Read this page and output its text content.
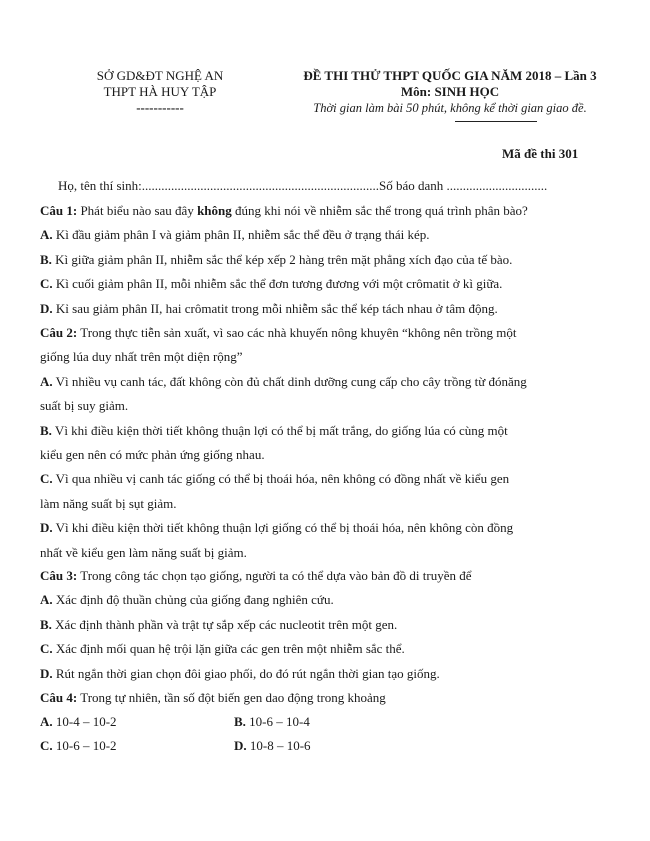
SỞ GD&ĐT NGHỆ AN
THPT HÀ HUY TẬP
-----------
ĐỀ THI THỬ THPT QUỐC GIA NĂM 2018 – Lần 3
Môn: SINH HỌC
Thời gian làm bài 50 phút, không kể thời gian giao đề.
Mã đề thi 301
Họ, tên thí sinh:.........................................................................Số báo danh ...............................
Câu 1: Phát biểu nào sau đây không đúng khi nói về nhiễm sắc thể trong quá trình phân bào?
A. Kì đầu giảm phân I và giảm phân II, nhiễm sắc thể đều ở trạng thái kép.
B. Kì giữa giảm phân II, nhiễm sắc thể kép xếp 2 hàng trên mặt phẳng xích đạo của tế bào.
C. Kì cuối giảm phân II, mỗi nhiễm sắc thể đơn tương đương với một crômatit ở kì giữa.
D. Kỉ sau giảm phân II, hai crômatit trong mỗi nhiễm sắc thể kép tách nhau ở tâm động.
Câu 2: Trong thực tiễn sản xuất, vì sao các nhà khuyến nông khuyên “không nên trồng một
giống lúa duy nhất trên một diện rộng”
A. Vì nhiều vụ canh tác, đất không còn đủ chất dinh dưỡng cung cấp cho cây trồng từ đónăng
suất bị suy giảm.
B. Vì khi điều kiện thời tiết không thuận lợi có thể bị mất trắng, do giống lúa có cùng một
kiểu gen nên có mức phản ứng giống nhau.
C. Vì qua nhiều vị canh tác giống có thể bị thoái hóa, nên không có đồng nhất về kiểu gen
làm năng suất bị sụt giảm.
D. Vì khi điều kiện thời tiết không thuận lợi giống có thể bị thoái hóa, nên không còn đồng
nhất về kiểu gen làm năng suất bị giảm.
Câu 3: Trong công tác chọn tạo giống, người ta có thể dựa vào bản đồ di truyền để
A. Xác định độ thuần chủng của giống đang nghiên cứu.
B. Xác định thành phần và trật tự sắp xếp các nucleotit trên một gen.
C. Xác định mối quan hệ trội lặn giữa các gen trên một nhiễm sắc thể.
D. Rút ngắn thời gian chọn đôi giao phối, do đó rút ngắn thời gian tạo giống.
Câu 4: Trong tự nhiên, tần số đột biến gen dao động trong khoảng
A. 10-4 – 10-2	B. 10-6 – 10-4
C. 10-6 – 10-2	D. 10-8 – 10-6
